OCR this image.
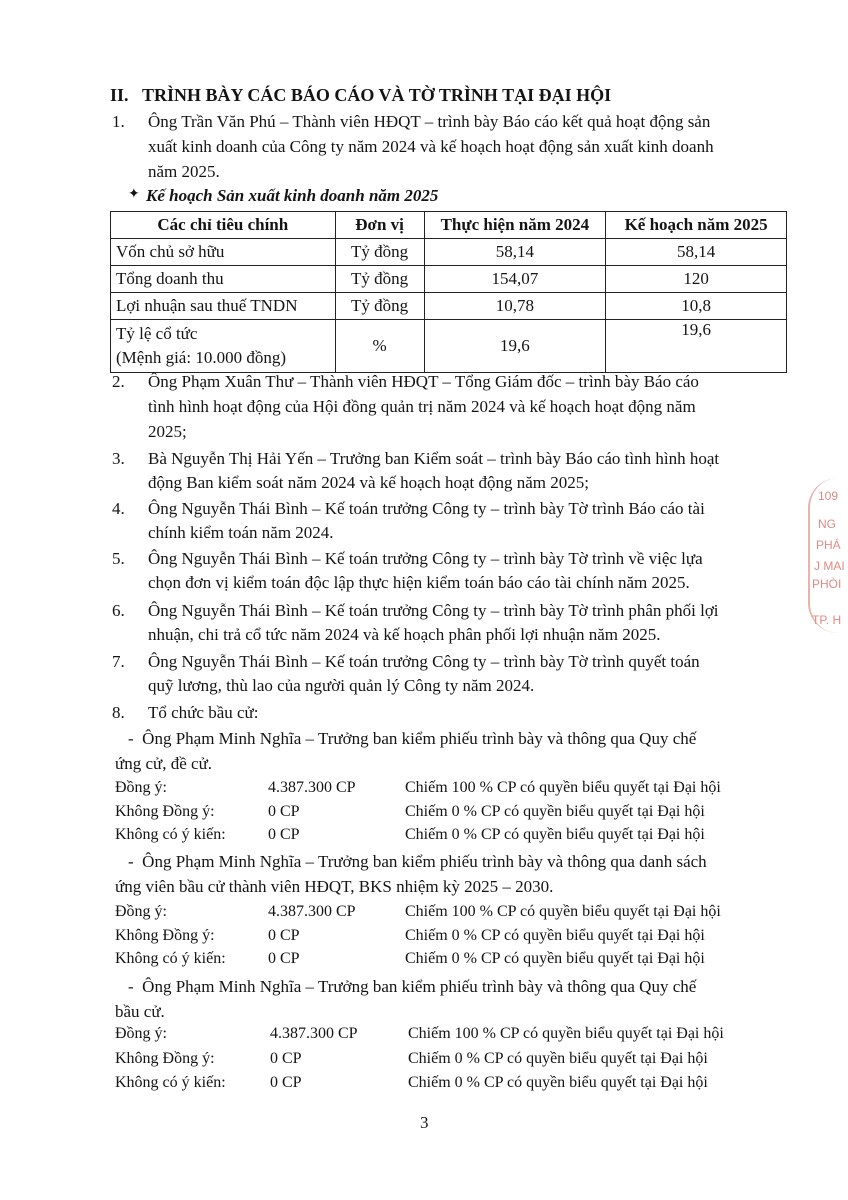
II.   TRÌNH BÀY CÁC BÁO CÁO VÀ TỜ TRÌNH TẠI ĐẠI HỘI
1. Ông Trần Văn Phú – Thành viên HĐQT – trình bày Báo cáo kết quả hoạt động sản
xuất kinh doanh của Công ty năm 2024 và kế hoạch hoạt động sản xuất kinh doanh
năm 2025.
✦ Kế hoạch Sản xuất kinh doanh năm 2025
Các chỉ tiêu chính	Đơn vị	Thực hiện năm 2024	Kế hoạch năm 2025
Vốn chủ sở hữu	Tỷ đồng	58,14	58,14
Tổng doanh thu	Tỷ đồng	154,07	120
Lợi nhuận sau thuế TNDN	Tỷ đồng	10,78	10,8

Tỷ lệ cổ tức
(Mệnh giá: 10.000 đồng)	%	19,6	19,6
2. Ông Phạm Xuân Thư – Thành viên HĐQT – Tổng Giám đốc – trình bày Báo cáo
tình hình hoạt động của Hội đồng quản trị năm 2024 và kế hoạch hoạt động năm
2025;
3. Bà Nguyễn Thị Hải Yến – Trưởng ban Kiểm soát – trình bày Báo cáo tình hình hoạt
động Ban kiểm soát năm 2024 và kế hoạch hoạt động năm 2025;
4. Ông Nguyễn Thái Bình – Kế toán trưởng Công ty – trình bày Tờ trình Báo cáo tài
chính kiểm toán năm 2024.
5. Ông Nguyễn Thái Bình – Kế toán trưởng Công ty – trình bày Tờ trình về việc lựa
chọn đơn vị kiểm toán độc lập thực hiện kiểm toán báo cáo tài chính năm 2025.
6. Ông Nguyễn Thái Bình – Kế toán trưởng Công ty – trình bày Tờ trình phân phối lợi
nhuận, chi trả cổ tức năm 2024 và kế hoạch phân phối lợi nhuận năm 2025.
7. Ông Nguyễn Thái Bình – Kế toán trưởng Công ty – trình bày Tờ trình quyết toán
quỹ lương, thù lao của người quản lý Công ty năm 2024.
8. Tổ chức bầu cử:
-  Ông Phạm Minh Nghĩa – Trưởng ban kiểm phiếu trình bày và thông qua Quy chế
ứng cử, đề cử.
Đồng ý:	4.387.300 CP	Chiếm 100 % CP có quyền biểu quyết tại Đại hội
Không Đồng ý:	0 CP	Chiếm 0 % CP có quyền biểu quyết tại Đại hội
Không có ý kiến:	0 CP	Chiếm 0 % CP có quyền biểu quyết tại Đại hội
-  Ông Phạm Minh Nghĩa – Trưởng ban kiểm phiếu trình bày và thông qua danh sách
ứng viên bầu cử thành viên HĐQT, BKS nhiệm kỳ 2025 – 2030.
Đồng ý:	4.387.300 CP	Chiếm 100 % CP có quyền biểu quyết tại Đại hội
Không Đồng ý:	0 CP	Chiếm 0 % CP có quyền biểu quyết tại Đại hội
Không có ý kiến:	0 CP	Chiếm 0 % CP có quyền biểu quyết tại Đại hội
-  Ông Phạm Minh Nghĩa – Trưởng ban kiểm phiếu trình bày và thông qua Quy chế
bầu cử.
Đồng ý:	4.387.300 CP	Chiếm 100 % CP có quyền biểu quyết tại Đại hội
Không Đồng ý:	0 CP	Chiếm 0 % CP có quyền biểu quyết tại Đại hội
Không có ý kiến:	0 CP	Chiếm 0 % CP có quyền biểu quyết tại Đại hội
3
109
NG
PHÁ
J MAI
PHÒI
TP. H
